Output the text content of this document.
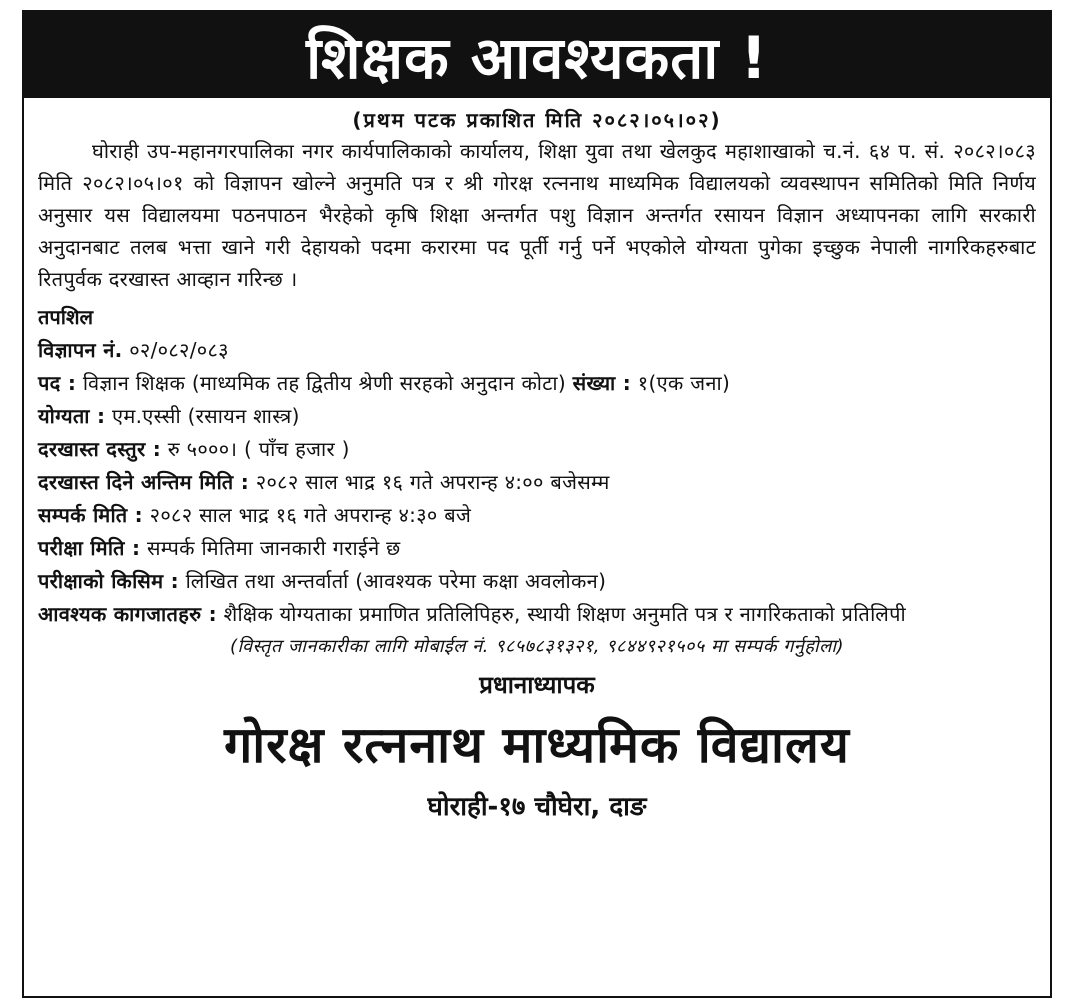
शिक्षक आवश्यकता !
(प्रथम पटक प्रकाशित मिति २०८२।०५।०२)

घोराही उप-महानगरपालिका नगर कार्यपालिकाको कार्यालय, शिक्षा युवा तथा खेलकुद महाशाखाको च.नं. ६४ प. सं. २०८२।०८३ मिति २०८२।०५।०१ को विज्ञापन खोल्ने अनुमति पत्र र श्री गोरक्ष रत्ननाथ माध्यमिक विद्यालयको व्यवस्थापन समितिको मिति निर्णय अनुसार यस विद्यालयमा पठनपाठन भैरहेको कृषि शिक्षा अन्तर्गत पशु विज्ञान अन्तर्गत रसायन विज्ञान अध्यापनका लागि सरकारी अनुदानबाट तलब भत्ता खाने गरी देहायको पदमा करारमा पद पूर्ती गर्नु पर्ने भएकोले योग्यता पुगेका इच्छुक नेपाली नागरिकहरुबाट रितपुर्वक दरखास्त आव्हान गरिन्छ ।

तपशिल
विज्ञापन नं. ०२/०८२/०८३
पद : विज्ञान शिक्षक (माध्यमिक तह द्वितीय श्रेणी सरहको अनुदान कोटा) संख्या : १(एक जना)
योग्यता : एम.एस्सी (रसायन शास्त्र)
दरखास्त दस्तुर : रु ५०००। ( पाँच हजार )
दरखास्त दिने अन्तिम मिति : २०८२ साल भाद्र १६ गते अपरान्ह ४:०० बजेसम्म
सम्पर्क मिति : २०८२ साल भाद्र १६ गते अपरान्ह ४:३० बजे
परीक्षा मिति : सम्पर्क मितिमा जानकारी गराईने छ
परीक्षाको किसिम : लिखित तथा अन्तर्वार्ता (आवश्यक परेमा कक्षा अवलोकन)
आवश्यक कागजातहरु : शैक्षिक योग्यताका प्रमाणित प्रतिलिपिहरु, स्थायी शिक्षण अनुमति पत्र र नागरिकताको प्रतिलिपी
(विस्तृत जानकारीका लागि मोबाईल नं. ९८५७८३१३२१, ९८४४९२१५०५ मा सम्पर्क गर्नुहोला)
प्रधानाध्यापक
गोरक्ष रत्ननाथ माध्यमिक विद्यालय
घोराही-१७ चौघेरा, दाङ
